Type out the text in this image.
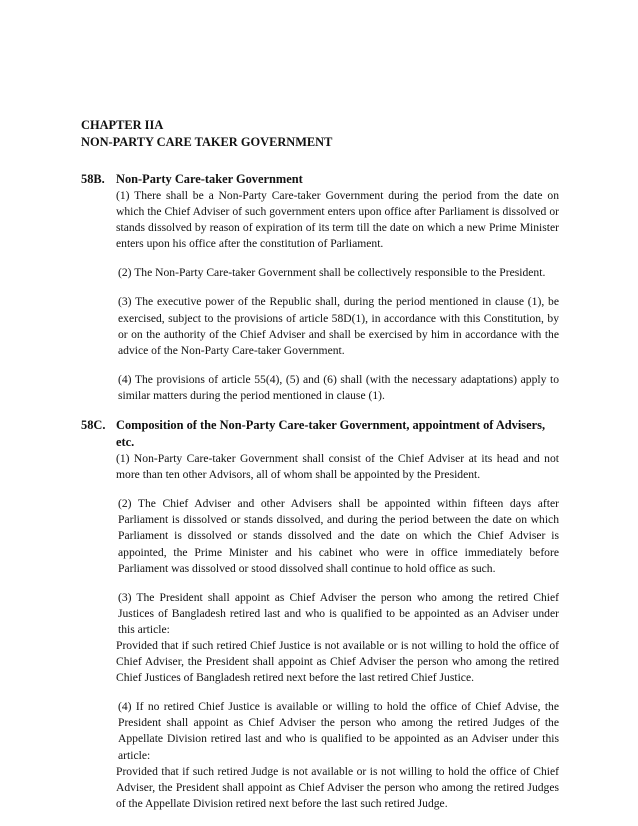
CHAPTER IIA
NON-PARTY CARE TAKER GOVERNMENT
58B. Non-Party Care-taker Government

(1) There shall be a Non-Party Care-taker Government during the period from the date on which the Chief Adviser of such government enters upon office after Parliament is dissolved or stands dissolved by reason of expiration of its term till the date on which a new Prime Minister enters upon his office after the constitution of Parliament.

(2) The Non-Party Care-taker Government shall be collectively responsible to the President.

(3) The executive power of the Republic shall, during the period mentioned in clause (1), be exercised, subject to the provisions of article 58D(1), in accordance with this Constitution, by or on the authority of the Chief Adviser and shall be exercised by him in accordance with the advice of the Non-Party Care-taker Government.

(4) The provisions of article 55(4), (5) and (6) shall (with the necessary adaptations) apply to similar matters during the period mentioned in clause (1).

58C. Composition of the Non-Party Care-taker Government, appointment of Advisers, etc.

(1) Non-Party Care-taker Government shall consist of the Chief Adviser at its head and not more than ten other Advisors, all of whom shall be appointed by the President.

(2) The Chief Adviser and other Advisers shall be appointed within fifteen days after Parliament is dissolved or stands dissolved, and during the period between the date on which Parliament is dissolved or stands dissolved and the date on which the Chief Adviser is appointed, the Prime Minister and his cabinet who were in office immediately before Parliament was dissolved or stood dissolved shall continue to hold office as such.

(3) The President shall appoint as Chief Adviser the person who among the retired Chief Justices of Bangladesh retired last and who is qualified to be appointed as an Adviser under this article:

Provided that if such retired Chief Justice is not available or is not willing to hold the office of Chief Adviser, the President shall appoint as Chief Adviser the person who among the retired Chief Justices of Bangladesh retired next before the last retired Chief Justice.

(4) If no retired Chief Justice is available or willing to hold the office of Chief Advise, the President shall appoint as Chief Adviser the person who among the retired Judges of the Appellate Division retired last and who is qualified to be appointed as an Adviser under this article:

Provided that if such retired Judge is not available or is not willing to hold the office of Chief Adviser, the President shall appoint as Chief Adviser the person who among the retired Judges of the Appellate Division retired next before the last such retired Judge.
